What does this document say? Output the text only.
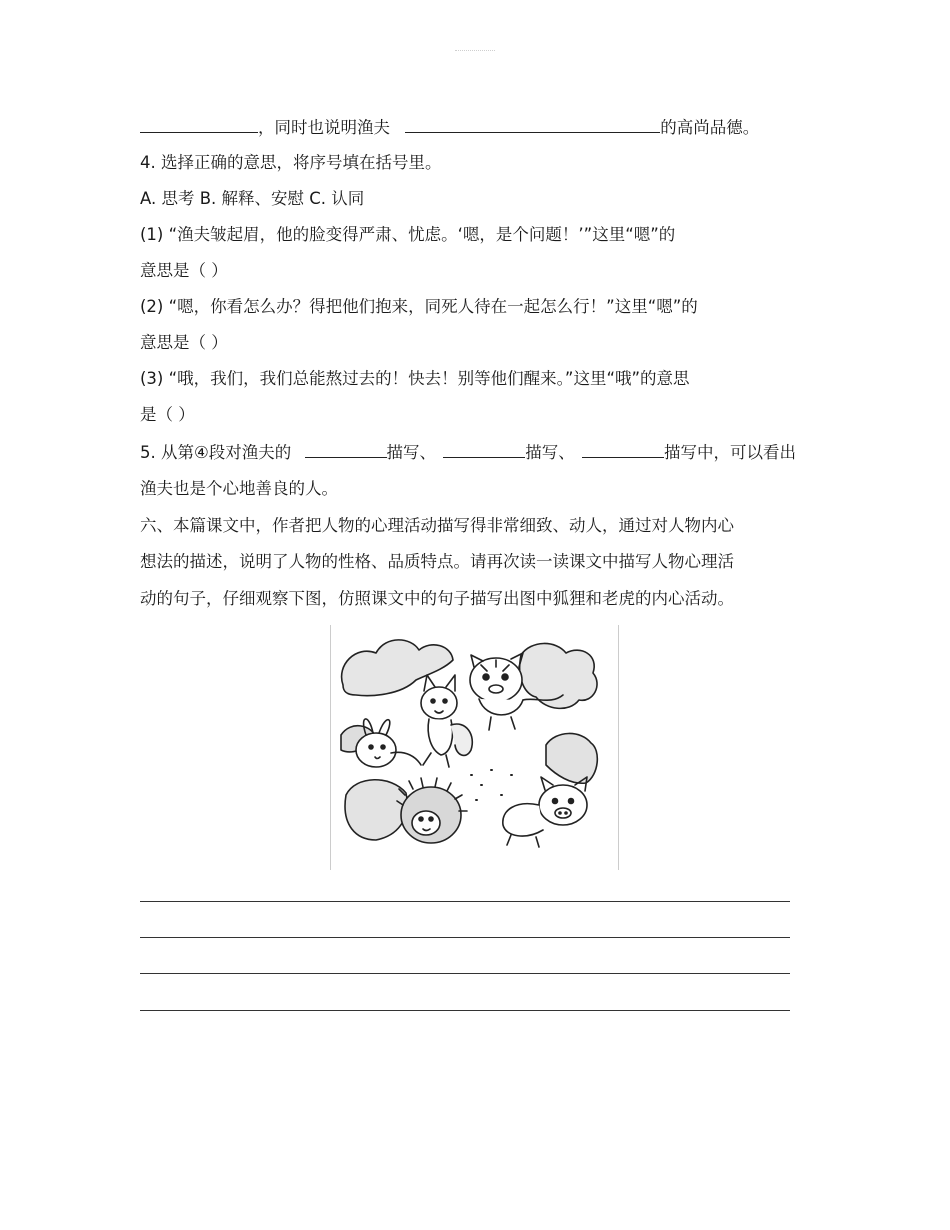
，同时也说明渔夫	的高尚品德。
4. 选择正确的意思，将序号填在括号里。
A. 思考 B. 解释、安慰 C. 认同
(1) “渔夫皱起眉，他的脸变得严肃、忧虑。‘嗯，是个问题！’”这里“嗯”的
意思是（ ）
(2) “嗯，你看怎么办？得把他们抱来，同死人待在一起怎么行！”这里“嗯”的
意思是（ ）
(3) “哦，我们，我们总能熬过去的！快去！别等他们醒来。”这里“哦”的意思
是（ ）
5. 从第④段对渔夫的	描写、	描写、	描写中，可以看出
渔夫也是个心地善良的人。
六、本篇课文中，作者把人物的心理活动描写得非常细致、动人，通过对人物内心
想法的描述，说明了人物的性格、品质特点。请再次读一读课文中描写人物心理活
动的句子，仔细观察下图，仿照课文中的句子描写出图中狐狸和老虎的内心活动。
